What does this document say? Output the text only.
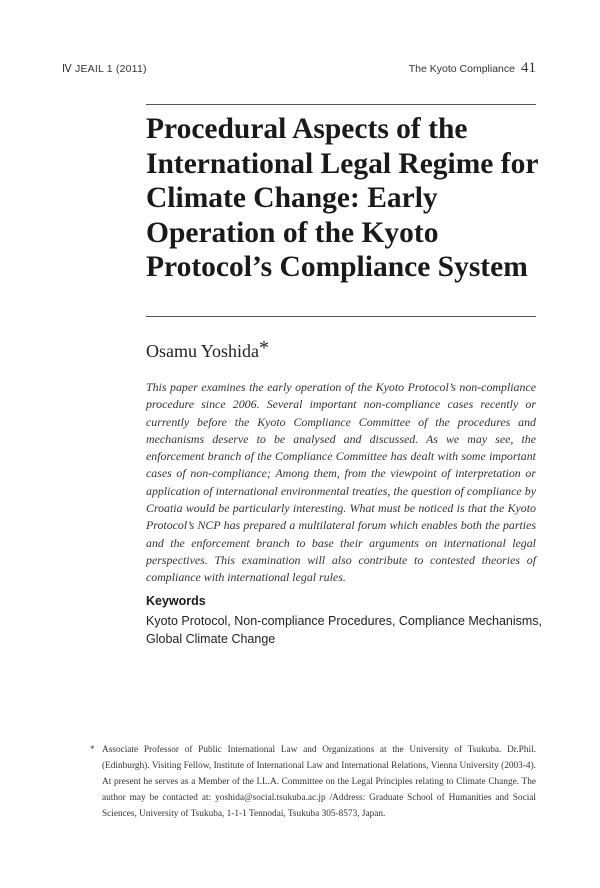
Ⅳ JEAIL 1 (2011)	The Kyoto Compliance 41
Procedural Aspects of the International Legal Regime for Climate Change: Early Operation of the Kyoto Protocol’s Compliance System
Osamu Yoshida*

This paper examines the early operation of the Kyoto Protocol’s non-compliance procedure since 2006. Several important non-compliance cases recently or currently before the Kyoto Compliance Committee of the procedures and mechanisms deserve to be analysed and discussed. As we may see, the enforcement branch of the Compliance Committee has dealt with some important cases of non-compliance; Among them, from the viewpoint of interpretation or application of international environmental treaties, the question of compliance by Croatia would be particularly interesting. What must be noticed is that the Kyoto Protocol’s NCP has prepared a multilateral forum which enables both the parties and the enforcement branch to base their arguments on international legal perspectives. This examination will also contribute to contested theories of compliance with international legal rules.

Keywords

Kyoto Protocol, Non-compliance Procedures, Compliance Mechanisms, Global Climate Change

* Associate Professor of Public International Law and Organizations at the University of Tsukuba. Dr.Phil. (Edinburgh). Visiting Fellow, Institute of International Law and International Relations, Vienna University (2003-4). At present he serves as a Member of the I.L.A. Committee on the Legal Principles relating to Climate Change. The author may be contacted at: yoshida@social.tsukuba.ac.jp /Address: Graduate School of Humanities and Social Sciences, University of Tsukuba, 1-1-1 Tennodai, Tsukuba 305-8573, Japan.
